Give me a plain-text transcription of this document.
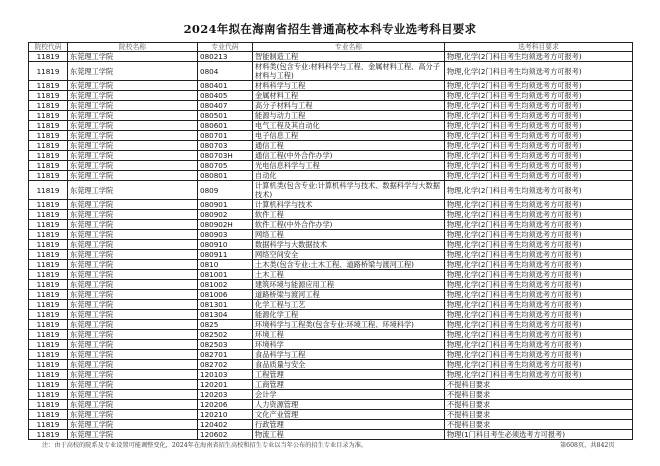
2024年拟在海南省招生普通高校本科专业选考科目要求
院校代码	院校名称	专业代码	专业名称	选考科目要求
11819	东莞理工学院	080213	智能制造工程	物理,化学(2门科目考生均须选考方可报考)
11819	东莞理工学院	0804	材料类(包含专业:材料科学与工程、金属材料工程、高分子材料与工程)	物理,化学(2门科目考生均须选考方可报考)
11819	东莞理工学院	080401	材料科学与工程	物理,化学(2门科目考生均须选考方可报考)
11819	东莞理工学院	080405	金属材料工程	物理,化学(2门科目考生均须选考方可报考)
11819	东莞理工学院	080407	高分子材料与工程	物理,化学(2门科目考生均须选考方可报考)
11819	东莞理工学院	080501	能源与动力工程	物理,化学(2门科目考生均须选考方可报考)
11819	东莞理工学院	080601	电气工程及其自动化	物理,化学(2门科目考生均须选考方可报考)
11819	东莞理工学院	080701	电子信息工程	物理,化学(2门科目考生均须选考方可报考)
11819	东莞理工学院	080703	通信工程	物理,化学(2门科目考生均须选考方可报考)
11819	东莞理工学院	080703H	通信工程(中外合作办学)	物理,化学(2门科目考生均须选考方可报考)
11819	东莞理工学院	080705	光电信息科学与工程	物理,化学(2门科目考生均须选考方可报考)
11819	东莞理工学院	080801	自动化	物理,化学(2门科目考生均须选考方可报考)
11819	东莞理工学院	0809	计算机类(包含专业:计算机科学与技术、数据科学与大数据技术)	物理,化学(2门科目考生均须选考方可报考)
11819	东莞理工学院	080901	计算机科学与技术	物理,化学(2门科目考生均须选考方可报考)
11819	东莞理工学院	080902	软件工程	物理,化学(2门科目考生均须选考方可报考)
11819	东莞理工学院	080902H	软件工程(中外合作办学)	物理,化学(2门科目考生均须选考方可报考)
11819	东莞理工学院	080903	网络工程	物理,化学(2门科目考生均须选考方可报考)
11819	东莞理工学院	080910	数据科学与大数据技术	物理,化学(2门科目考生均须选考方可报考)
11819	东莞理工学院	080911	网络空间安全	物理,化学(2门科目考生均须选考方可报考)
11819	东莞理工学院	0810	土木类(包含专业:土木工程、道路桥梁与渡河工程)	物理,化学(2门科目考生均须选考方可报考)
11819	东莞理工学院	081001	土木工程	物理,化学(2门科目考生均须选考方可报考)
11819	东莞理工学院	081002	建筑环境与能源应用工程	物理,化学(2门科目考生均须选考方可报考)
11819	东莞理工学院	081006	道路桥梁与渡河工程	物理,化学(2门科目考生均须选考方可报考)
11819	东莞理工学院	081301	化学工程与工艺	物理,化学(2门科目考生均须选考方可报考)
11819	东莞理工学院	081304	能源化学工程	物理,化学(2门科目考生均须选考方可报考)
11819	东莞理工学院	0825	环境科学与工程类(包含专业:环境工程、环境科学)	物理,化学(2门科目考生均须选考方可报考)
11819	东莞理工学院	082502	环境工程	物理,化学(2门科目考生均须选考方可报考)
11819	东莞理工学院	082503	环境科学	物理,化学(2门科目考生均须选考方可报考)
11819	东莞理工学院	082701	食品科学与工程	物理,化学(2门科目考生均须选考方可报考)
11819	东莞理工学院	082702	食品质量与安全	物理,化学(2门科目考生均须选考方可报考)
11819	东莞理工学院	120103	工程管理	物理,化学(2门科目考生均须选考方可报考)
11819	东莞理工学院	120201	工商管理	不提科目要求
11819	东莞理工学院	120203	会计学	不提科目要求
11819	东莞理工学院	120206	人力资源管理	不提科目要求
11819	东莞理工学院	120210	文化产业管理	不提科目要求
11819	东莞理工学院	120402	行政管理	不提科目要求
11819	东莞理工学院	120602	物流工程	物理(1门科目考生必须选考方可报考)
注：由于高校的院系及专业设置可能调整变化，2024年在海南省招生高校和招生专业以当年公布的招生专业目录为准。	第608页，共842页
